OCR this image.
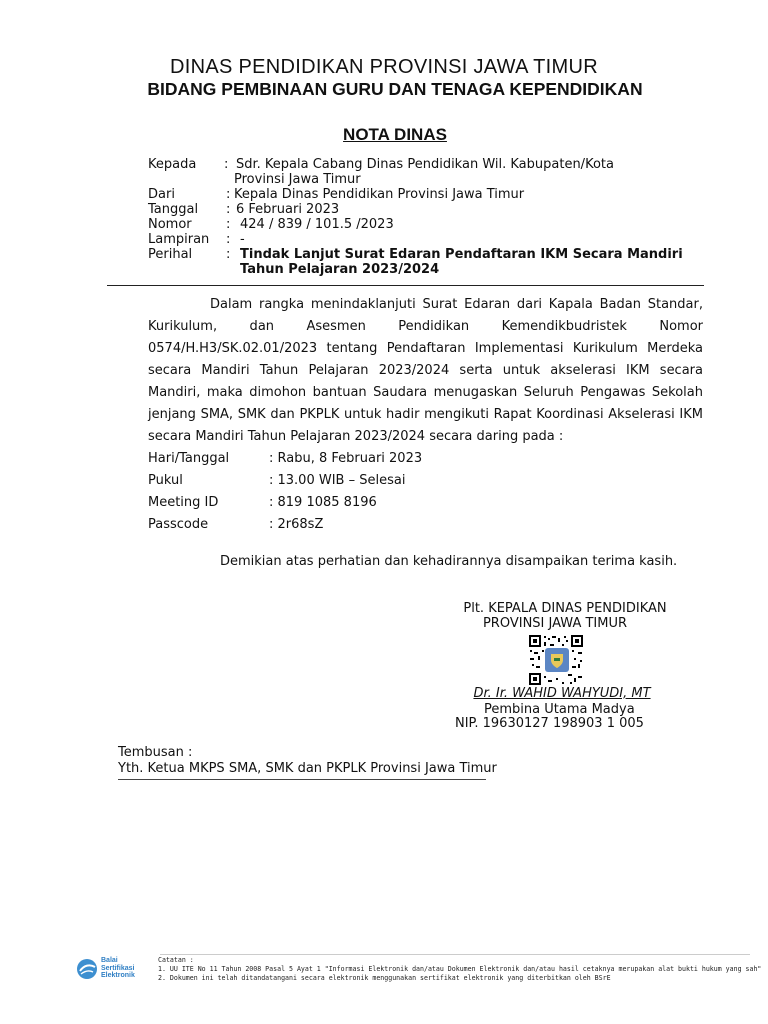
DINAS PENDIDIKAN PROVINSI JAWA TIMUR
BIDANG PEMBINAAN GURU DAN TENAGA KEPENDIDIKAN
NOTA DINAS
Kepada : Sdr. Kepala Cabang Dinas Pendidikan Wil. Kabupaten/Kota
Provinsi Jawa Timur
Dari	: Kepala Dinas Pendidikan Provinsi Jawa Timur
Tanggal : 6 Februari 2023
Nomor	: 424 / 839 / 101.5 /2023
Lampiran : -
Perihal	: Tindak Lanjut Surat Edaran Pendaftaran IKM Secara Mandiri
Tahun Pelajaran 2023/2024

Dalam rangka menindaklanjuti Surat Edaran dari Kapala Badan Standar, Kurikulum, dan Asesmen Pendidikan Kemendikbudristek Nomor 0574/H.H3/SK.02.01/2023 tentang Pendaftaran Implementasi Kurikulum Merdeka secara Mandiri Tahun Pelajaran 2023/2024 serta untuk akselerasi IKM secara Mandiri, maka dimohon bantuan Saudara menugaskan Seluruh Pengawas Sekolah jenjang SMA, SMK dan PKPLK untuk hadir mengikuti Rapat Koordinasi Akselerasi IKM secara Mandiri Tahun Pelajaran 2023/2024 secara daring pada :

Hari/Tanggal	: Rabu, 8 Februari 2023
Pukul	: 13.00 WIB – Selesai
Meeting ID	: 819 1085 8196
Passcode	: 2r68sZ
Demikian atas perhatian dan kehadirannya disampaikan terima kasih.
Plt. KEPALA DINAS PENDIDIKAN
PROVINSI JAWA TIMUR
Dr. Ir. WAHID WAHYUDI, MT
Pembina Utama Madya
NIP. 19630127 198903 1 005
Tembusan :
Yth. Ketua MKPS SMA, SMK dan PKPLK Provinsi Jawa Timur
Balai
Sertifikasi
Elektronik
Catatan :
1. UU ITE No 11 Tahun 2008 Pasal 5 Ayat 1 "Informasi Elektronik dan/atau Dokumen Elektronik dan/atau hasil cetaknya merupakan alat bukti hukum yang sah"
2. Dokumen ini telah ditandatangani secara elektronik menggunakan sertifikat elektronik yang diterbitkan oleh BSrE
